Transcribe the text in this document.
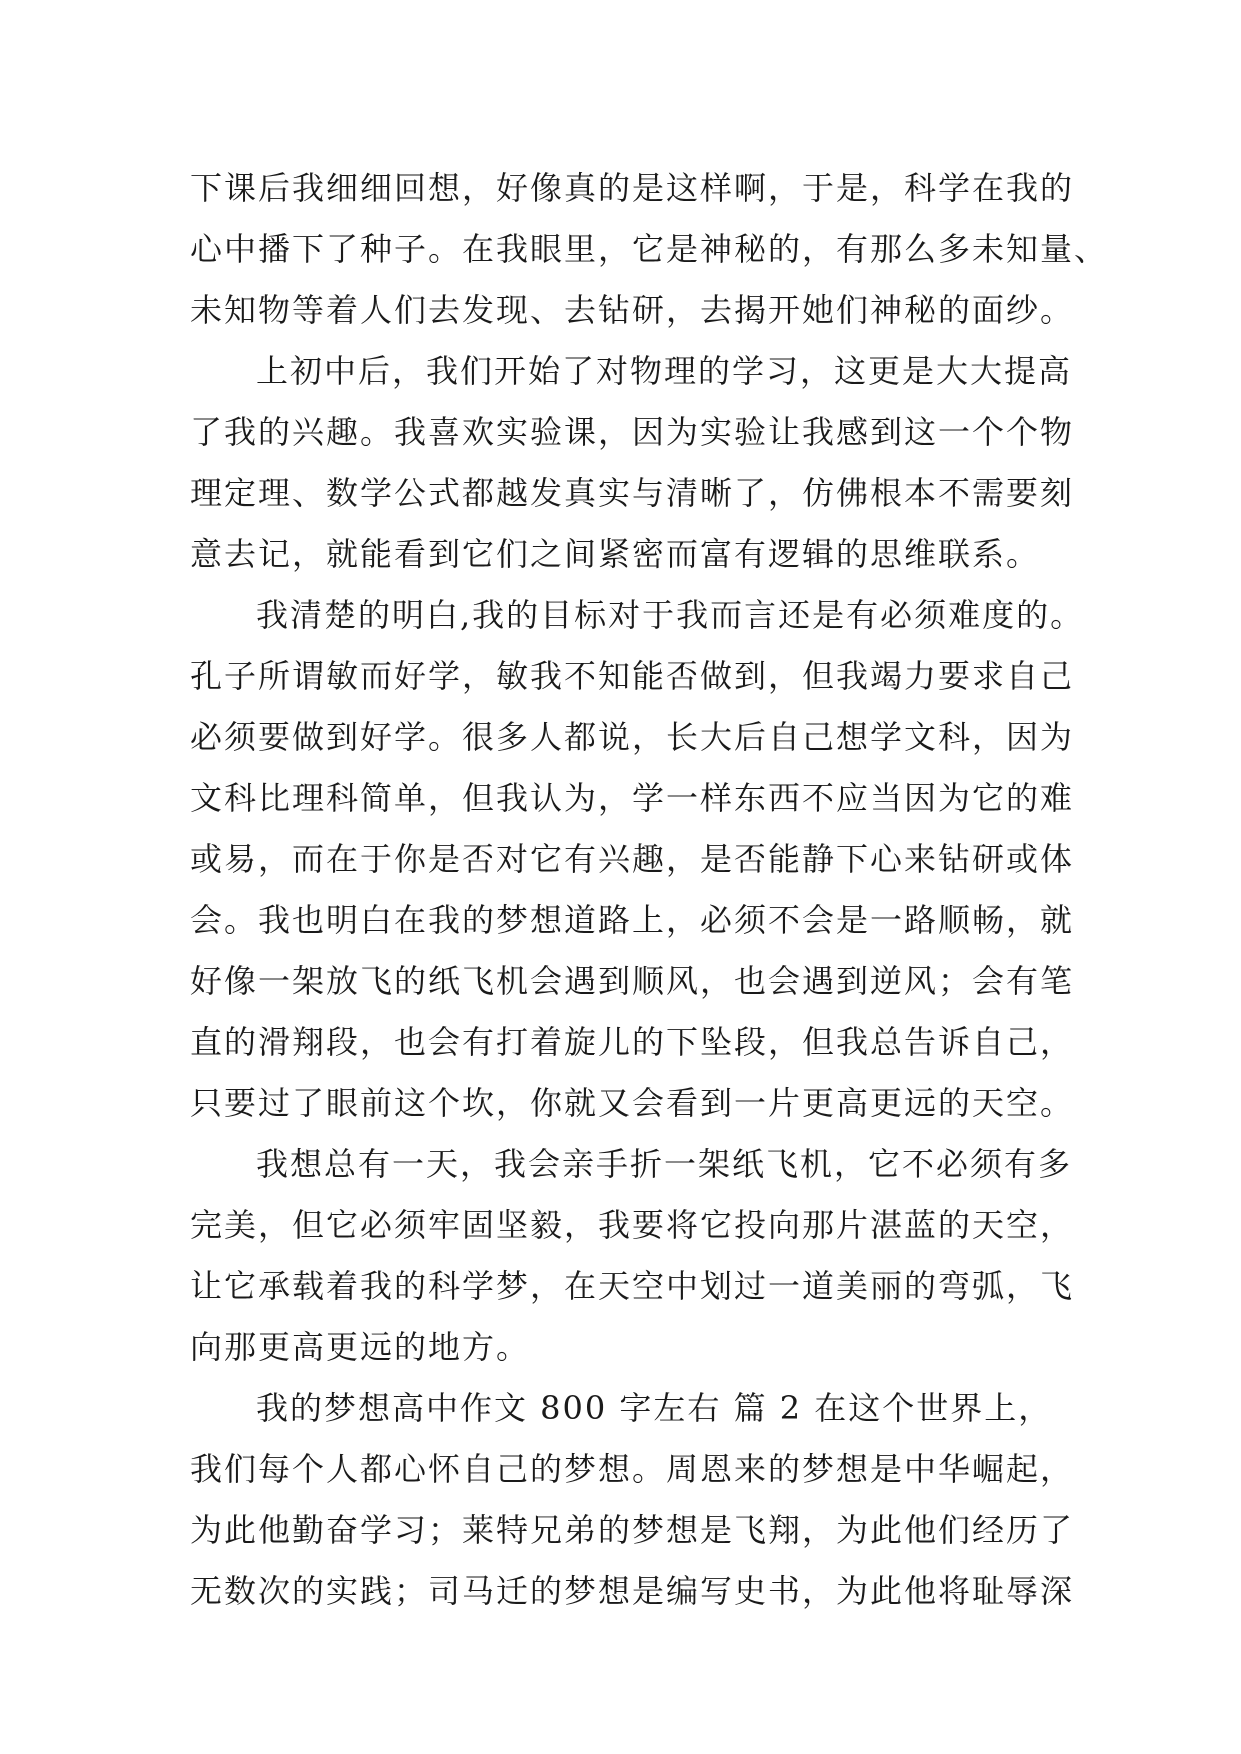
下课后我细细回想，好像真的是这样啊，于是，科学在我的
心中播下了种子。在我眼里，它是神秘的，有那么多未知量、
未知物等着人们去发现、去钻研，去揭开她们神秘的面纱。
上初中后，我们开始了对物理的学习，这更是大大提高
了我的兴趣。我喜欢实验课，因为实验让我感到这一个个物
理定理、数学公式都越发真实与清晰了，仿佛根本不需要刻
意去记，就能看到它们之间紧密而富有逻辑的思维联系。
我清楚的明白,我的目标对于我而言还是有必须难度的。
孔子所谓敏而好学，敏我不知能否做到，但我竭力要求自己
必须要做到好学。很多人都说，长大后自己想学文科，因为
文科比理科简单，但我认为，学一样东西不应当因为它的难
或易，而在于你是否对它有兴趣，是否能静下心来钻研或体
会。我也明白在我的梦想道路上，必须不会是一路顺畅，就
好像一架放飞的纸飞机会遇到顺风，也会遇到逆风；会有笔
直的滑翔段，也会有打着旋儿的下坠段，但我总告诉自己，
只要过了眼前这个坎，你就又会看到一片更高更远的天空。
我想总有一天，我会亲手折一架纸飞机，它不必须有多
完美，但它必须牢固坚毅，我要将它投向那片湛蓝的天空，
让它承载着我的科学梦，在天空中划过一道美丽的弯弧，飞
向那更高更远的地方。
我的梦想高中作文 800 字左右 篇 2 在这个世界上，
我们每个人都心怀自己的梦想。周恩来的梦想是中华崛起，
为此他勤奋学习；莱特兄弟的梦想是飞翔，为此他们经历了
无数次的实践；司马迁的梦想是编写史书，为此他将耻辱深
